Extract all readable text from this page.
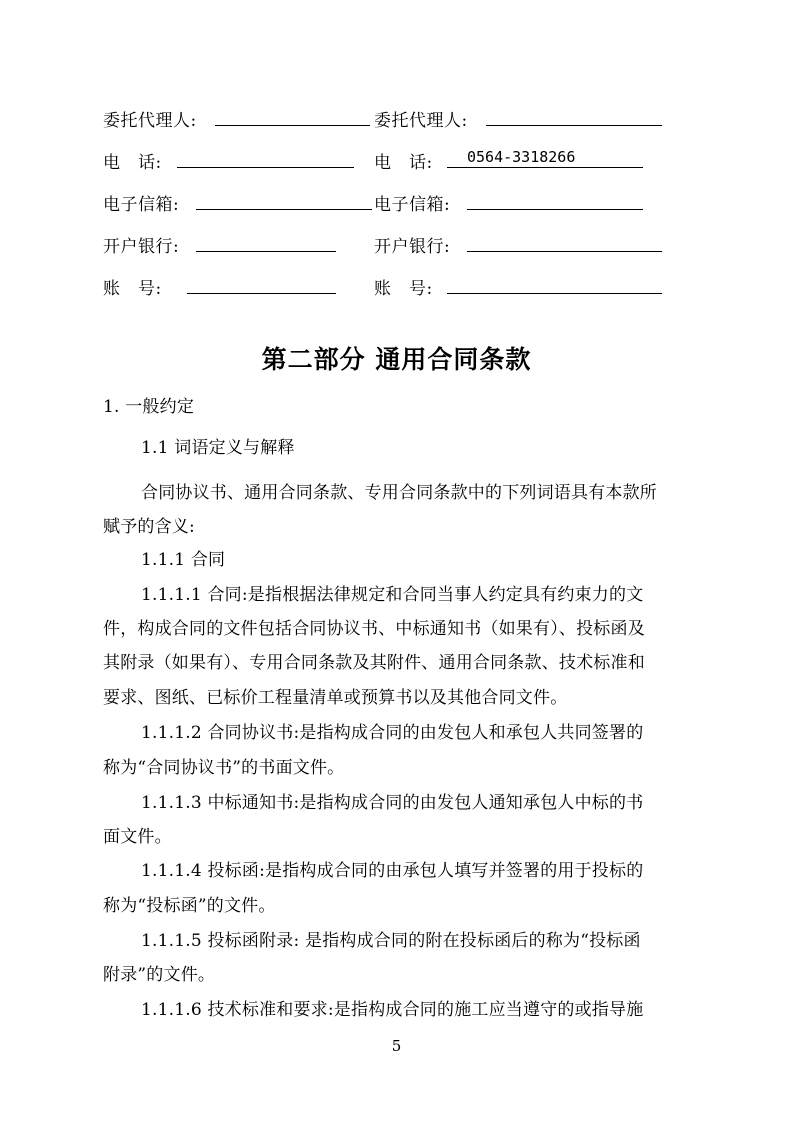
委托代理人:
电　话:
电子信箱:
开户银行:
账　号:
委托代理人:
电　话: 0564-3318266
电子信箱:
开户银行:
账　号:
第二部分 通用合同条款
1. 一般约定
1.1 词语定义与解释
合同协议书、通用合同条款、专用合同条款中的下列词语具有本款所
赋予的含义:
1.1.1 合同
1.1.1.1 合同:是指根据法律规定和合同当事人约定具有约束力的文
件，构成合同的文件包括合同协议书、中标通知书（如果有）、投标函及
其附录（如果有）、专用合同条款及其附件、通用合同条款、技术标准和
要求、图纸、已标价工程量清单或预算书以及其他合同文件。
1.1.1.2 合同协议书:是指构成合同的由发包人和承包人共同签署的
称为“合同协议书”的书面文件。
1.1.1.3 中标通知书:是指构成合同的由发包人通知承包人中标的书
面文件。
1.1.1.4 投标函:是指构成合同的由承包人填写并签署的用于投标的
称为“投标函”的文件。
1.1.1.5 投标函附录: 是指构成合同的附在投标函后的称为“投标函
附录”的文件。
1.1.1.6 技术标准和要求:是指构成合同的施工应当遵守的或指导施
5
